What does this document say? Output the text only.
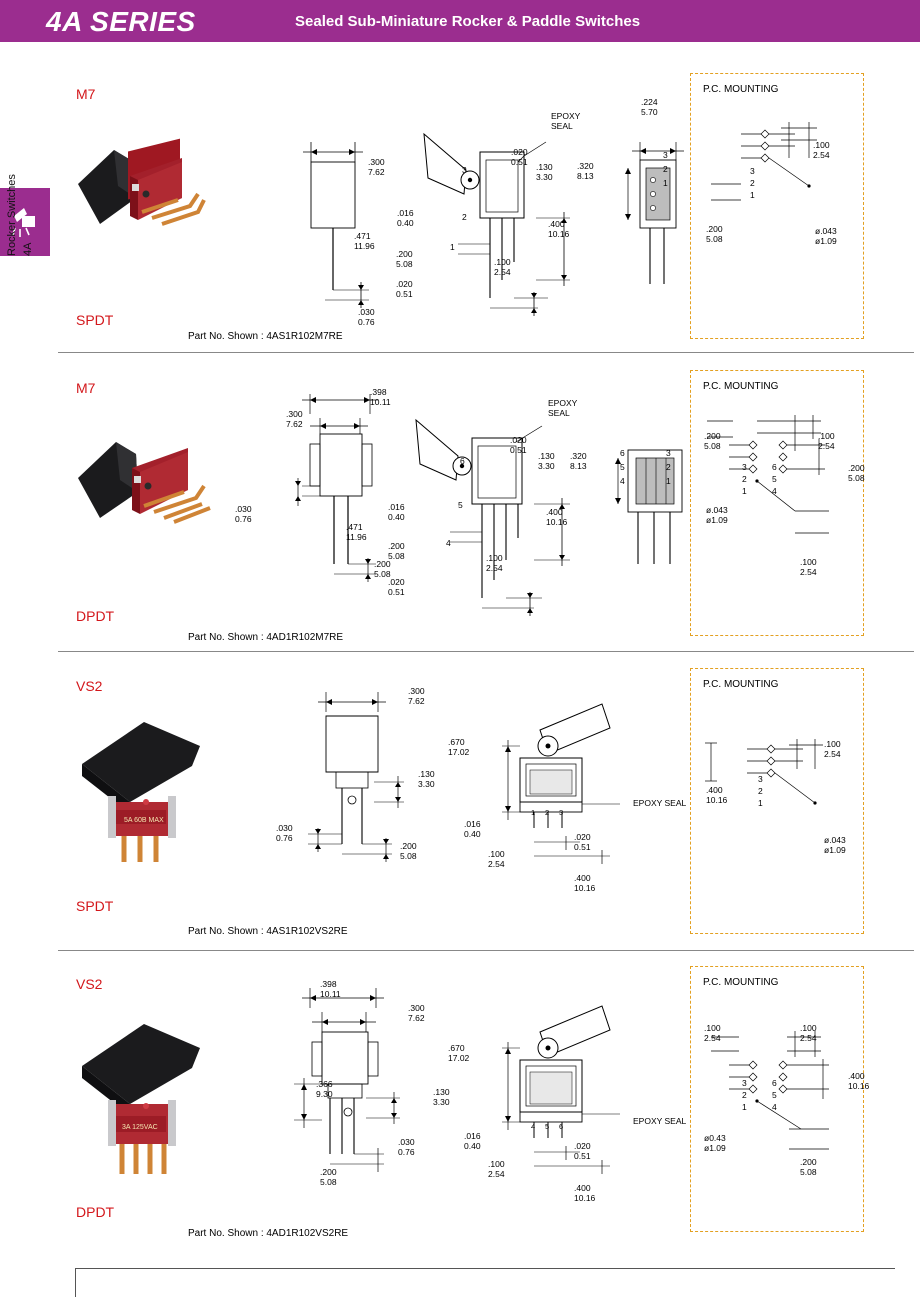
4A SERIES	Sealed Sub-Miniature Rocker & Paddle Switches
Rocker Switches 4A
M7
SPDT
Part No. Shown : 4AS1R102M7RE
.300
7.62
.030
0.76
EPOXY
SEAL
.020
0.51
.130
3.30
.016
0.40	.400
10.16
.471
11.96
.200
5.08	.100
2.54
.020
0.51
3
2
1
.224
5.70
.320
8.13
3
2
1
P.C. MOUNTING
.100
2.54
.200
5.08
ø.043
ø1.09
3
2
1
M7
DPDT
Part No. Shown : 4AD1R102M7RE
.398
10.11
.300
7.62
.030
0.76
.200
5.08
EPOXY
SEAL
.020
0.51
.130
3.30
.016
0.40	.400
10.16
.471
11.96
.200
5.08	.100
2.54
.020
0.51
6
5
4
.320
8.13
6
5
4
3
2
1
P.C. MOUNTING
.200
5.08
.100
2.54
.200
5.08
ø.043
ø1.09
.100
2.54
3
2
1
6
5
4
VS2
SPDT
Part No. Shown : 4AS1R102VS2RE
5A 60B MAX
.300
7.62
.130
3.30
.030
0.76
.200
5.08
.670
17.02
EPOXY SEAL
.016
0.40	.020
0.51
.100
2.54
.400
10.16
1 2 3
P.C. MOUNTING
.100
2.54
.400
10.16
ø.043
ø1.09
3
2
1
VS2
DPDT
Part No. Shown : 4AD1R102VS2RE
3A 125VAC
.398
10.11
.300
7.62
.366
9.30	.130
3.30
.030
0.76
.200
5.08
.670
17.02
EPOXY SEAL
.016
0.40	.020
0.51
.100
2.54
.400
10.16
4 5 6
P.C. MOUNTING
.100
2.54
.100
2.54
.400
10.16
ø0.43
ø1.09
.200
5.08
3
2
1
6
5
4
